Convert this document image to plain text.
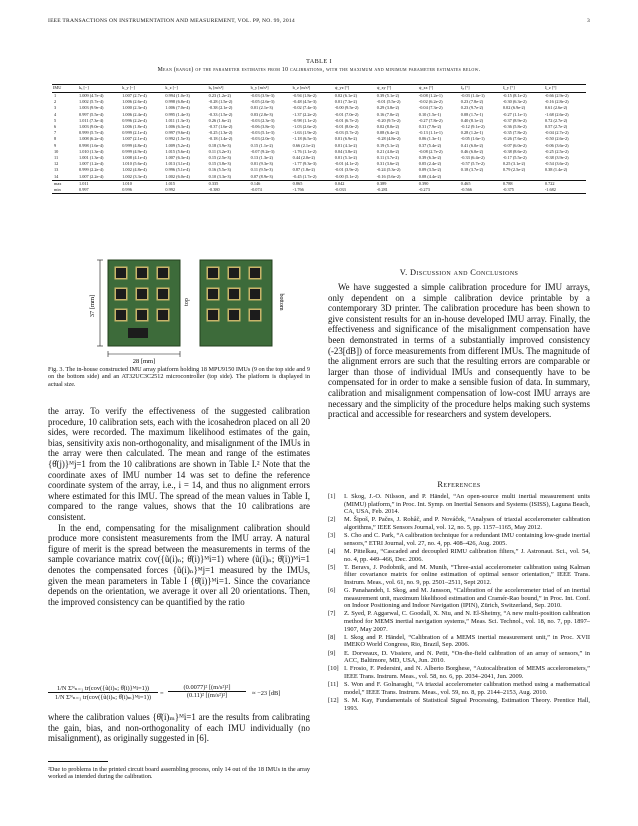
IEEE TRANSACTIONS ON INSTRUMENTATION AND MEASUREMENT, VOL. PP, NO. 99, 2014	3
TABLE I
Mean (range) of the parameter estimates from 10 calibrations, with the maximum and minimum parameter estimates below.
IMU	kₓ [−]	k_y [−]	k_z [−]	bₓ [m/s²]	b_y [m/s²]	b_z [m/s²]	ψ_yz [°]	ψ_zy [°]	ψ_zx [°]	ξₓ [°]	ξ_y [°]	ξ_z [°]
1	1.009 (4.7e-4)	1.007 (2.7e-4)	0.994 (1.0e-3)	0.23 (1.2e-2)	-0.03 (3.9e-3)	-0.94 (1.8e-2)	0.02 (6.1e-2)	0.39 (5.1e-2)	-0.08 (1.2e-1)	-0.03 (1.4e-1)	-0.15 (8.1e-2)	-0.66 (2.9e-2)
2	1.002 (5.7e-4)	1.006 (2.6e-4)	0.998 (6.8e-4)	-0.28 (1.5e-2)	-0.05 (2.6e-3)	-0.48 (4.5e-3)	0.01 (7.3e-2)	-0.01 (5.5e-2)	-0.02 (6.2e-2)	0.23 (7.8e-2)	-0.30 (6.3e-2)	-0.16 (2.8e-2)
3	1.003 (9.9e-4)	1.000 (2.3e-4)	1.006 (7.0e-4)	-0.38 (2.1e-2)	0.01 (2.1e-3)	-0.02 (7.4e-3)	-0.00 (9.5e-2)	0.29 (3.8e-2)	-0.04 (7.3e-2)	0.23 (9.7e-2)	0.02 (6.9e-2)	0.61 (2.6e-2)
4	0.997 (5.5e-4)	1.006 (2.4e-4)	0.995 (1.4e-3)	-0.33 (1.5e-2)	0.03 (2.0e-3)	-1.37 (2.2e-2)	-0.01 (7.0e-2)	0.16 (7.0e-2)	0.10 (1.5e-1)	0.08 (1.7e-1)	-0.27 (1.1e-1)	-1.68 (2.6e-2)
5	1.011 (7.3e-4)	0.996 (2.2e-4)	1.011 (1.3e-3)	0.26 (1.6e-2)	-0.03 (2.3e-3)	-0.98 (1.1e-2)	-0.01 (6.7e-2)	-0.20 (9.7e-2)	-0.27 (7.8e-2)	0.40 (8.1e-2)	-0.37 (8.9e-2)	0.72 (2.7e-2)
6	1.003 (9.0e-4)	1.006 (1.8e-4)	1.006 (6.3e-4)	-0.37 (1.6e-2)	-0.06 (3.8e-3)	-1.03 (2.6e-2)	-0.01 (8.0e-2)	0.02 (8.0e-2)	0.31 (7.9e-2)	-0.12 (9.1e-2)	-0.36 (5.8e-2)	0.57 (2.7e-2)
7	0.999 (5.7e-4)	0.999 (2.1e-4)	0.997 (9.6e-4)	-0.25 (1.3e-2)	-0.03 (5.1e-3)	-1.63 (1.9e-2)	-0.03 (5.7e-2)	0.08 (6.4e-2)	-0.13 (1.1e-1)	0.28 (1.2e-1)	-0.35 (7.8e-2)	-0.04 (2.7e-2)
8	1.008 (6.2e-4)	1.007 (2.1e-4)	0.992 (1.5e-3)	-0.18 (1.4e-2)	-0.03 (2.0e-3)	-1.18 (6.5e-3)	0.01 (6.9e-2)	-0.28 (4.8e-2)	0.06 (1.3e-1)	-0.05 (1.6e-1)	-0.26 (7.6e-2)	-0.50 (2.6e-2)
9	0.998 (1.6e-4)	0.999 (4.8e-4)	1.009 (5.2e-4)	0.18 (3.9e-3)	0.15 (1.1e-2)	0.66 (2.1e-2)	0.01 (4.1e-2)	0.19 (5.1e-2)	0.37 (5.4e-2)	0.41 (6.0e-2)	-0.07 (6.0e-2)	-0.06 (3.6e-2)
10	1.010 (1.3e-4)	0.999 (4.9e-4)	1.015 (5.6e-4)	0.11 (3.2e-3)	-0.07 (9.2e-3)	-1.76 (1.1e-2)	0.04 (3.8e-2)	0.21 (4.0e-2)	-0.08 (2.7e-2)	0.46 (6.0e-2)	-0.38 (8.6e-2)	-0.25 (2.5e-2)
11	1.001 (1.3e-4)	1.008 (4.1e-4)	1.007 (6.3e-4)	0.15 (2.5e-3)	0.13 (1.3e-2)	0.44 (2.0e-2)	0.01 (5.1e-2)	0.11 (3.7e-2)	0.39 (6.3e-2)	-0.33 (6.4e-2)	-0.17 (5.5e-2)	-0.38 (3.9e-2)
12	1.007 (1.2e-4)	1.010 (5.6e-4)	1.013 (3.1e-4)	0.15 (3.8e-3)	0.01 (9.3e-3)	-1.77 (9.3e-3)	-0.01 (4.1e-2)	0.31 (3.6e-2)	0.05 (2.4e-2)	-0.57 (5.7e-2)	0.25 (3.1e-2)	-0.54 (3.6e-2)
13	0.999 (2.2e-4)	1.002 (4.8e-4)	0.996 (5.1e-4)	0.16 (5.5e-3)	0.11 (9.5e-3)	0.87 (1.8e-2)	-0.01 (3.9e-2)	-0.24 (5.3e-2)	0.09 (3.5e-2)	0.18 (3.7e-2)	0.79 (2.5e-2)	0.38 (1.4e-2)
14	1.007 (2.2e-4)	1.002 (3.3e-4)	1.002 (6.0e-4)	0.10 (3.3e-3)	0.07 (8.9e-3)	-0.45 (1.7e-2)	-0.00 (5.1e-2)	-0.16 (5.6e-2)	0.08 (4.4e-2)			
max	1.011	1.010	1.015	0.335	0.146	0.865	0.042	0.389	0.390	0.465	0.788	0.722
min	0.997	0.996	0.992	-0.380	-0.074	-1.766	-0.033	-0.281	-0.273	-0.566	-0.375	-1.682
37 [mm]
28 [mm]
top	bottom
Fig. 3. The in-house constructed IMU array platform holding 18 MPU9150 IMUs (9 on the top side and 9 on the bottom side) and an AT32UC3C2512 microcontroller (top side). The platform is displayed in actual size.

the array. To verify the effectiveness of the suggested calibration procedure, 10 calibration sets, each with the icosahedron placed on all 20 sides, were recorded. The maximum likelihood estimates of the gain, bias, sensitivity axis non-orthogonality, and misalignment of the IMUs in the array were then calculated. The mean and range of the estimates {θ̂(j)}ᴹj=1 from the 10 calibrations are shown in Table I.² Note that the coordinate axes of IMU number 14 was set to define the reference coordinate system of the array, i.e., i = 14, and thus no alignment errors where estimated for this IMU. The spread of the mean values in Table I, compared to the range values, shows that the 10 calibrations are consistent.

In the end, compensating for the misalignment calibration should produce more consistent measurements from the IMU array. A natural figure of merit is the spread between the measurements in terms of the sample covariance matrix cov({ũ(i)ₙ; θ̂(i)}ᴹi=1) where (ũ(i)ₙ; θ̂(i))ᴹi=1 denotes the compensated forces {ũ(i)ₙ}ᴹj=1 measured by the IMUs, given the mean parameters in Table I {θ̂(i)}ᴹi=1. Since the covariance depends on the orientation, we average it over all 20 orientations. Then, the improved consistency can be quantified by the ratio

1/N Σᴺₙ₌₁ tr(cov({ũ(i)ₙ; θ̂(i)}ᴹi=1))
1/N Σᴺₙ₌₁ tr(cov({ũ(i)ₙ; θ̂(i)ₘ}ᴹi=1))
= $\frac{\text{(0.0077)² [(m/s²)²]}}{\text{(0.11)² [(m/s²)²]}} \approx -23$ [dB]

where the calibration values {θ̂(i)ₘ}ᴹi=1 are the results from calibrating the gain, bias, and non-orthogonality of each IMU individually (no misalignment), as originally suggested in [6].

²Due to problems in the printed circuit board assembling process, only 14 out of the 18 IMUs in the array worked as intended during the calibration.
V. Discussion and Conclusions

We have suggested a simple calibration procedure for IMU arrays, only dependent on a simple calibration device printable by a contemporary 3D printer. The calibration procedure has been shown to give consistent results for an in-house developed IMU array. Finally, the effectiveness and significance of the misalignment compensation have been demonstrated in terms of a substantially improved consistency (-23[dB]) of force measurements from different IMUs. The magnitude of the alignment errors are such that the resulting errors are comparable or larger than those of individual IMUs and consequently have to be compensated for in order to make a sensible fusion of data. In summary, calibration and misalignment compensation of low-cost IMU arrays are necessary and the simplicity of the procedure helps making such systems practical and accessible for researchers and system developers.

References
[1] I. Skog, J.-O. Nilsson, and P. Händel, “An open-source multi inertial measurement units (MIMU) platform,” in Proc. Int. Symp. on Inertial Sensors and Systems (ISISS), Laguna Beach, CA, USA, Feb. 2014.
[2] M. Šipoš, P. Pačes, J. Rohâč, and P. Nováček, “Analyses of triaxial accelerometer calibration algorithms,” IEEE Sensors Journal, vol. 12, no. 5, pp. 1157–1165, May 2012.
[3] S. Cho and C. Park, “A calibration technique for a redundant IMU containing low-grade inertial sensors,” ETRI Journal, vol. 27, no. 4, pp. 408–426, Aug. 2005.
[4] M. Pittelkau, “Cascaded and decoupled RIMU calibration filters,” J. Astronaut. Sci., vol. 54, no. 4, pp. 449–466, Dec. 2006.
[5] T. Beravs, J. Podobnik, and M. Munih, “Three-axial accelerometer calibration using Kalman filter covariance matrix for online estimation of optimal sensor orientation,” IEEE Trans. Instrum. Meas., vol. 61, no. 9, pp. 2501–2511, Sept 2012.
[6] G. Panahandeh, I. Skog, and M. Jansson, “Calibration of the accelerometer triad of an inertial measurement unit, maximum likelihood estimation and Cramér-Rao bound,” in Proc. Int. Conf. on Indoor Positioning and Indoor Navigation (IPIN), Zürich, Switzerland, Sep. 2010.
[7] Z. Syed, P. Aggarwal, C. Goodall, X. Niu, and N. El-Sheimy, “A new multi-position calibration method for MEMS inertial navigation systems,” Meas. Sci. Technol., vol. 18, no. 7, pp. 1897–1907, May 2007.
[8] I. Skog and P. Händel, “Calibration of a MEMS inertial measurement unit,” in Proc. XVII IMEKO World Congress, Rio, Brazil, Sep. 2006.
[9] E. Dorveaux, D. Vissiere, and N. Petit, “On-the-field calibration of an array of sensors,” in ACC, Baltimore, MD, USA, Jun. 2010.
[10] I. Frosio, F. Pedersini, and N. Alberto Borghese, “Autocalibration of MEMS accelerometers,” IEEE Trans. Instrum. Meas., vol. 58, no. 6, pp. 2034–2041, Jun. 2009.
[11] S. Won and F. Golnaraghi, “A triaxial accelerometer calibration method using a mathematical model,” IEEE Trans. Instrum. Meas., vol. 59, no. 8, pp. 2144–2153, Aug. 2010.
[12] S. M. Kay, Fundamentals of Statistical Signal Processing, Estimation Theory. Prentice Hall, 1993.
